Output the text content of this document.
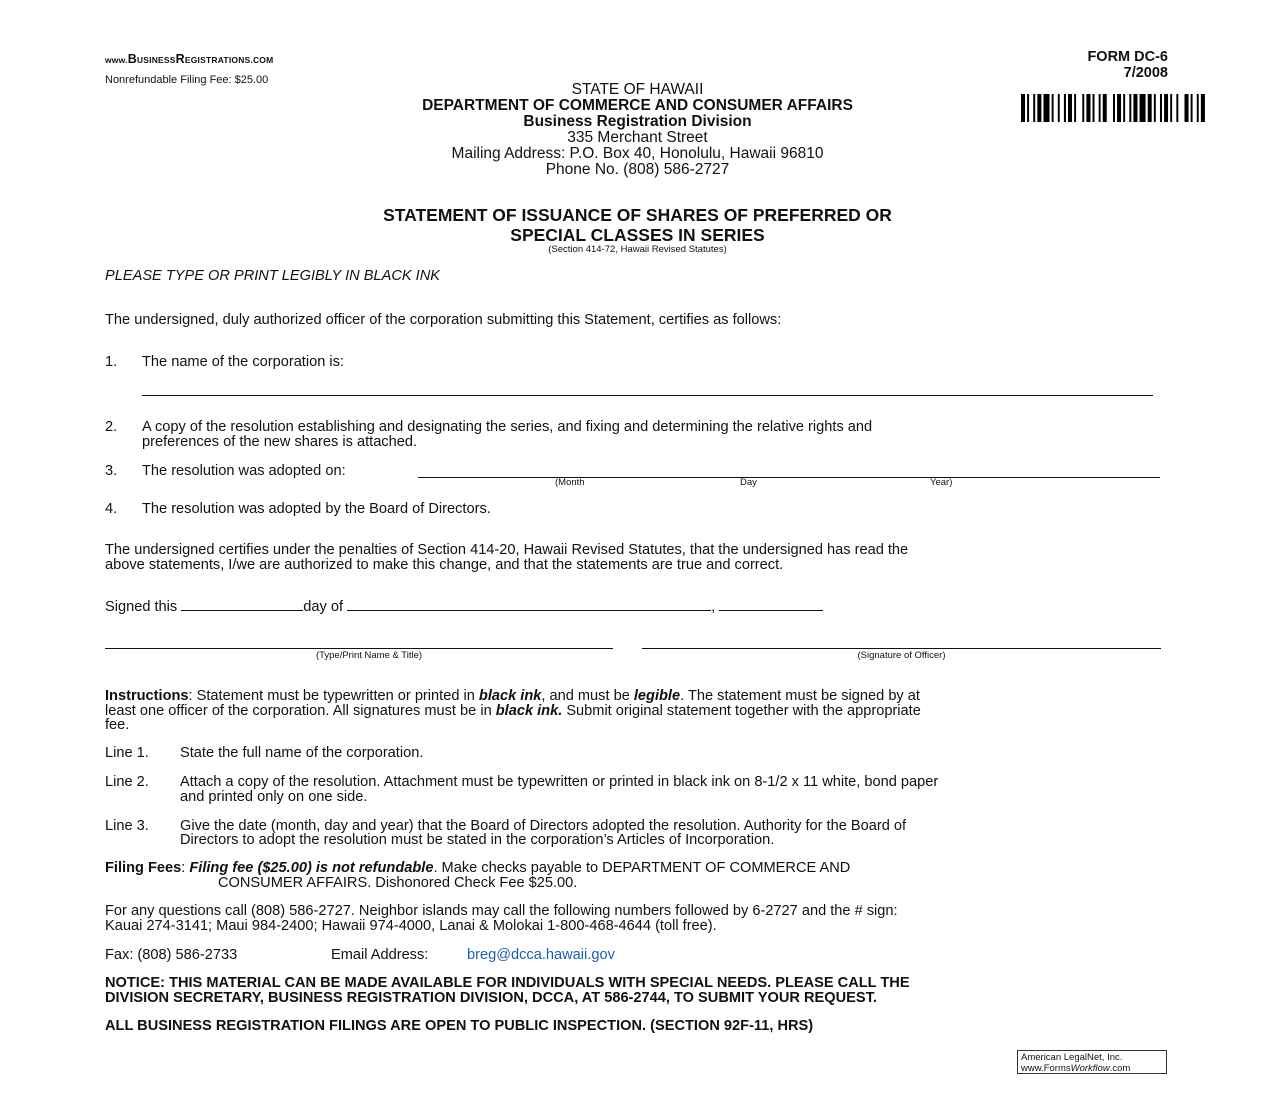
www.BUSINESSREGISTRATIONS.COM
Nonrefundable Filing Fee: $25.00
FORM DC-6
7/2008
STATE OF HAWAII
DEPARTMENT OF COMMERCE AND CONSUMER AFFAIRS
Business Registration Division
335 Merchant Street
Mailing Address: P.O. Box 40, Honolulu, Hawaii 96810
Phone No. (808) 586-2727
STATEMENT OF ISSUANCE OF SHARES OF PREFERRED OR
SPECIAL CLASSES IN SERIES
(Section 414-72, Hawaii Revised Statutes)
PLEASE TYPE OR PRINT LEGIBLY IN BLACK INK
The undersigned, duly authorized officer of the corporation submitting this Statement, certifies as follows:
1. The name of the corporation is:
2. A copy of the resolution establishing and designating the series, and fixing and determining the relative rights and
preferences of the new shares is attached.
3. The resolution was adopted on:
(Month	Day	Year)
4. The resolution was adopted by the Board of Directors.
The undersigned certifies under the penalties of Section 414-20, Hawaii Revised Statutes, that the undersigned has read the
above statements, I/we are authorized to make this change, and that the statements are true and correct.
Signed this	day of	,
(Type/Print Name & Title)	(Signature of Officer)
Instructions: Statement must be typewritten or printed in black ink, and must be legible. The statement must be signed by at
least one officer of the corporation. All signatures must be in black ink. Submit original statement together with the appropriate
fee.
Line 1. State the full name of the corporation.
Line 2. Attach a copy of the resolution. Attachment must be typewritten or printed in black ink on 8-1/2 x 11 white, bond paper
and printed only on one side.
Line 3. Give the date (month, day and year) that the Board of Directors adopted the resolution. Authority for the Board of
Directors to adopt the resolution must be stated in the corporation’s Articles of Incorporation.
Filing Fees: Filing fee ($25.00) is not refundable. Make checks payable to DEPARTMENT OF COMMERCE AND
CONSUMER AFFAIRS. Dishonored Check Fee $25.00.
For any questions call (808) 586-2727. Neighbor islands may call the following numbers followed by 6-2727 and the # sign:
Kauai 274-3141; Maui 984-2400; Hawaii 974-4000, Lanai & Molokai 1-800-468-4644 (toll free).
Fax: (808) 586-2733	Email Address:	breg@dcca.hawaii.gov
NOTICE: THIS MATERIAL CAN BE MADE AVAILABLE FOR INDIVIDUALS WITH SPECIAL NEEDS. PLEASE CALL THE
DIVISION SECRETARY, BUSINESS REGISTRATION DIVISION, DCCA, AT 586-2744, TO SUBMIT YOUR REQUEST.
ALL BUSINESS REGISTRATION FILINGS ARE OPEN TO PUBLIC INSPECTION. (SECTION 92F-11, HRS)
American LegalNet, Inc.
www.FormsWorkflow.com
